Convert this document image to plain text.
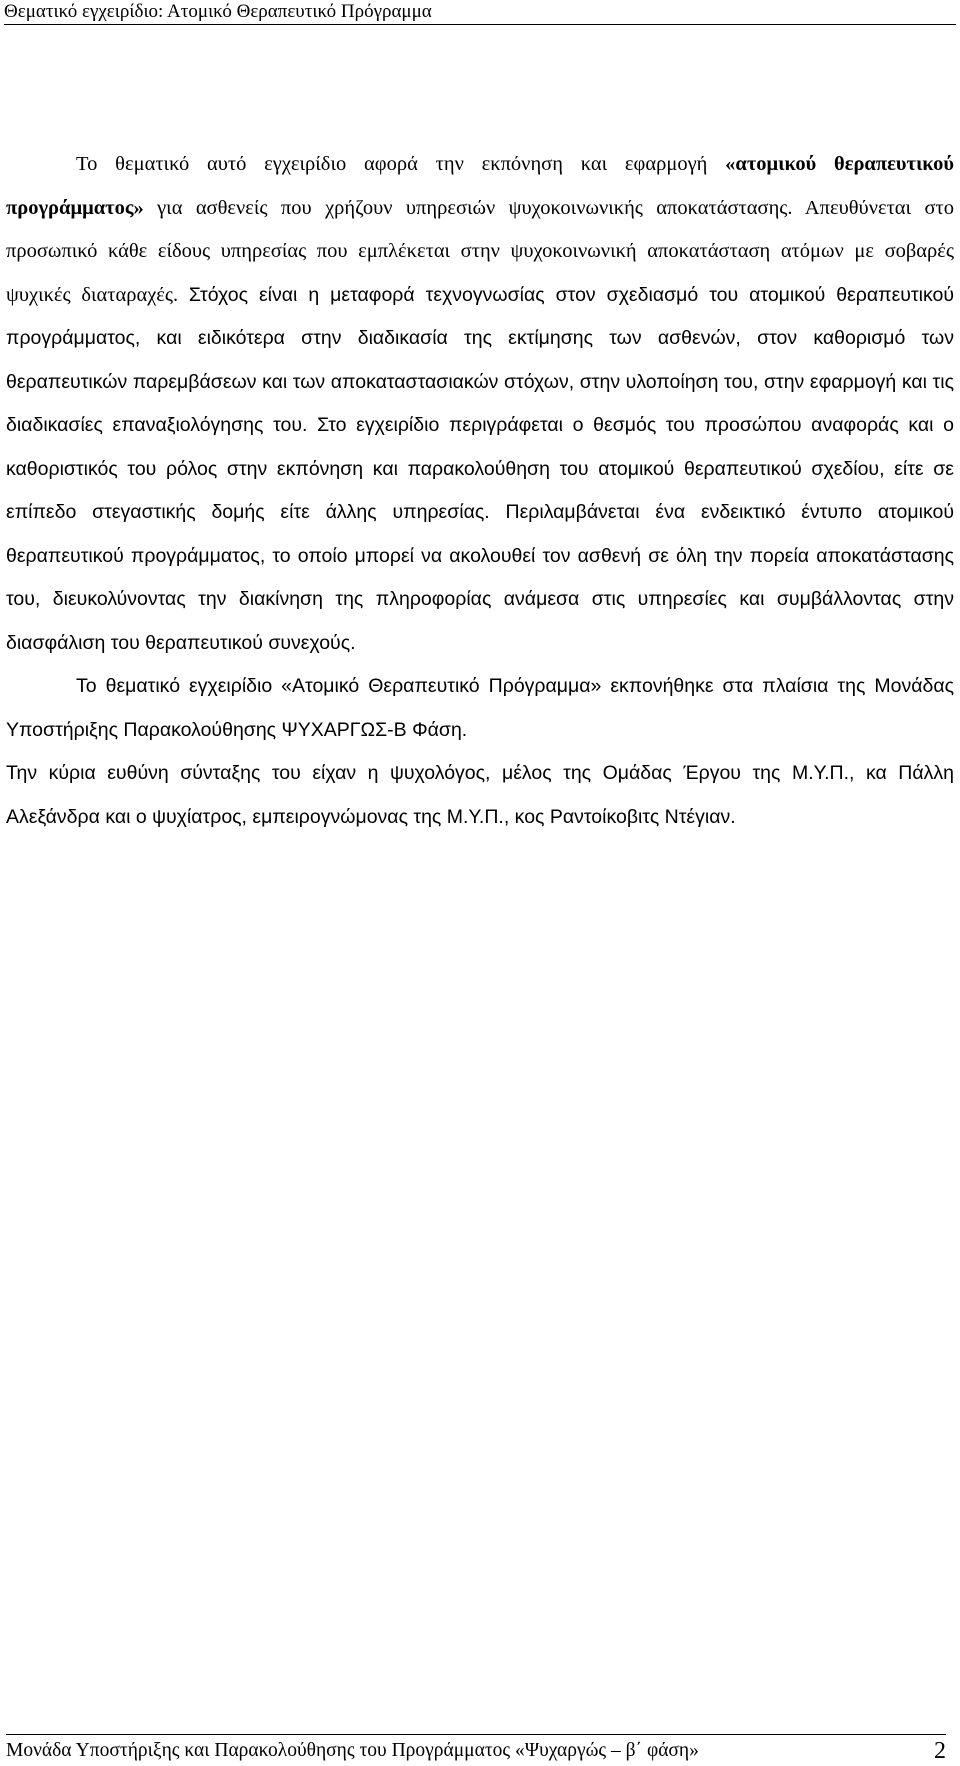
Θεματικό εγχειρίδιο: Ατομικό Θεραπευτικό Πρόγραμμα

Το θεματικό αυτό εγχειρίδιο αφορά την εκπόνηση και εφαρμογή «ατομικού θεραπευτικού προγράμματος» για ασθενείς που χρήζουν υπηρεσιών ψυχοκοινωνικής αποκατάστασης. Απευθύνεται στο προσωπικό κάθε είδους υπηρεσίας που εμπλέκεται στην ψυχοκοινωνική αποκατάσταση ατόμων με σοβαρές ψυχικές διαταραχές. Στόχος είναι η μεταφορά τεχνογνωσίας στον σχεδιασμό του ατομικού θεραπευτικού προγράμματος, και ειδικότερα στην διαδικασία της εκτίμησης των ασθενών, στον καθορισμό των θεραπευτικών παρεμβάσεων και των αποκαταστασιακών στόχων, στην υλοποίηση του, στην εφαρμογή και τις διαδικασίες επαναξιολόγησης του. Στο εγχειρίδιο περιγράφεται ο θεσμός του προσώπου αναφοράς και ο καθοριστικός του ρόλος στην εκπόνηση και παρακολούθηση του ατομικού θεραπευτικού σχεδίου, είτε σε επίπεδο στεγαστικής δομής είτε άλλης υπηρεσίας. Περιλαμβάνεται ένα ενδεικτικό έντυπο ατομικού θεραπευτικού προγράμματος, το οποίο μπορεί να ακολουθεί τον ασθενή σε όλη την πορεία αποκατάστασης του, διευκολύνοντας την διακίνηση της πληροφορίας ανάμεσα στις υπηρεσίες και συμβάλλοντας στην διασφάλιση του θεραπευτικού συνεχούς.

Το θεματικό εγχειρίδιο «Ατομικό Θεραπευτικό Πρόγραμμα» εκπονήθηκε στα πλαίσια της Μονάδας Υποστήριξης Παρακολούθησης ΨΥΧΑΡΓΩΣ-Β Φάση.

Την κύρια ευθύνη σύνταξης του είχαν η ψυχολόγος, μέλος της Ομάδας Έργου της Μ.Υ.Π., κα Πάλλη Αλεξάνδρα και ο ψυχίατρος, εμπειρογνώμονας της Μ.Υ.Π., κος Ραντοίκοβιτς Ντέγιαν.

Μονάδα Υποστήριξης και Παρακολούθησης του Προγράμματος «Ψυχαργώς – β΄ φάση»	2
